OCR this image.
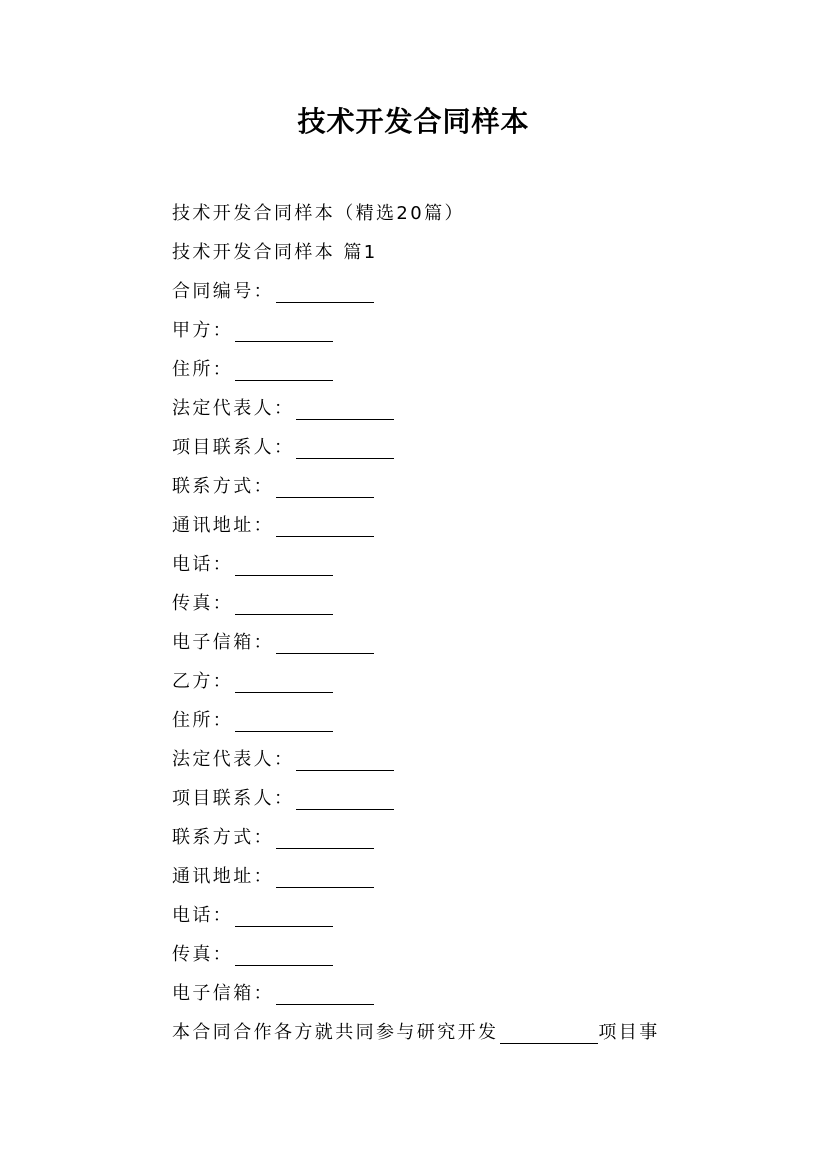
技术开发合同样本
技术开发合同样本（精选20篇）
技术开发合同样本 篇1
合同编号：
甲方：
住所：
法定代表人：
项目联系人：
联系方式：
通讯地址：
电话：
传真：
电子信箱：
乙方：
住所：
法定代表人：
项目联系人：
联系方式：
通讯地址：
电话：
传真：
电子信箱：
本合同合作各方就共同参与研究开发	项目事
